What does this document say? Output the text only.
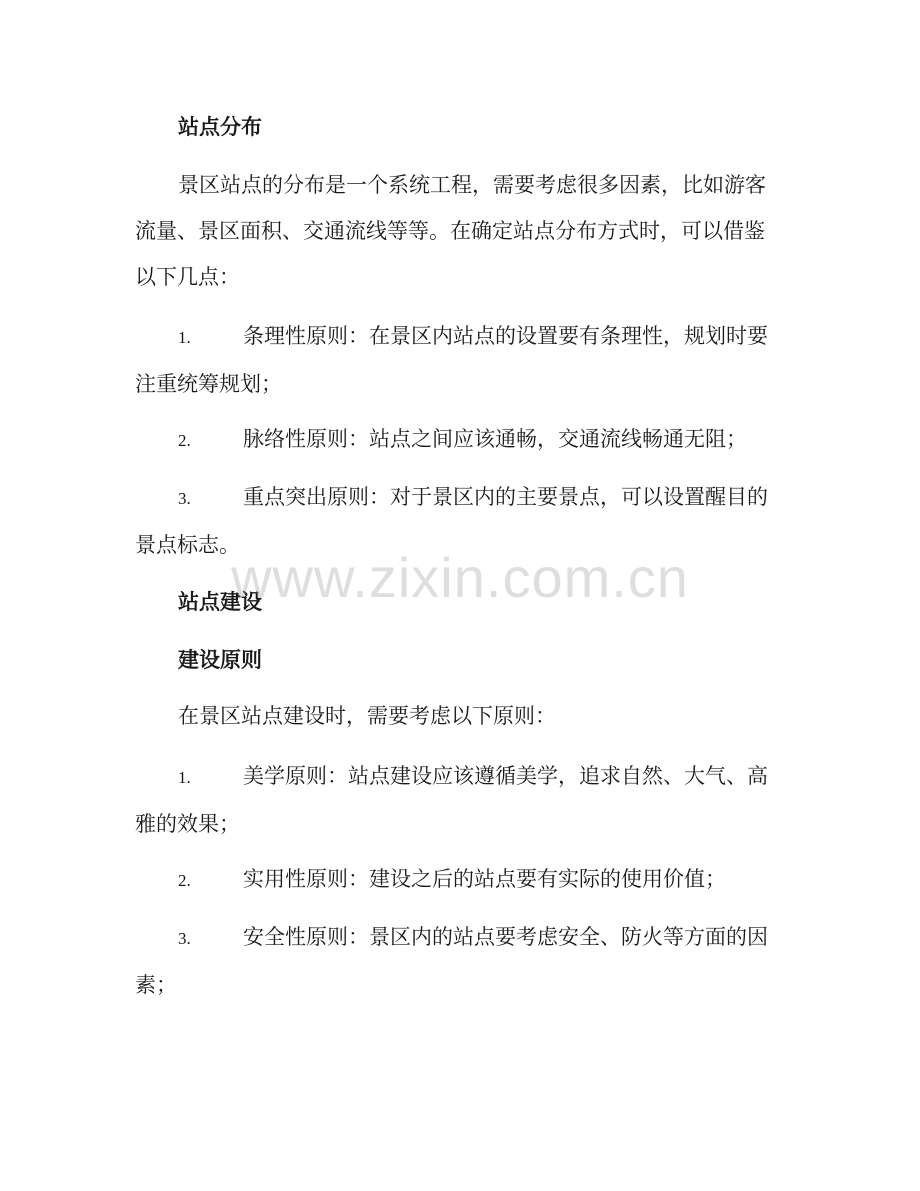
站点分布
景区站点的分布是一个系统工程，需要考虑很多因素，比如游客流量、景区面积、交通流线等等。在确定站点分布方式时，可以借鉴以下几点：
1. 条理性原则：在景区内站点的设置要有条理性，规划时要注重统筹规划；
2. 脉络性原则：站点之间应该通畅，交通流线畅通无阻；
3. 重点突出原则：对于景区内的主要景点，可以设置醒目的景点标志。
站点建设
建设原则
在景区站点建设时，需要考虑以下原则：
1. 美学原则：站点建设应该遵循美学，追求自然、大气、高雅的效果；
2. 实用性原则：建设之后的站点要有实际的使用价值；
3. 安全性原则：景区内的站点要考虑安全、防火等方面的因素；
www.zixin.com.cn
